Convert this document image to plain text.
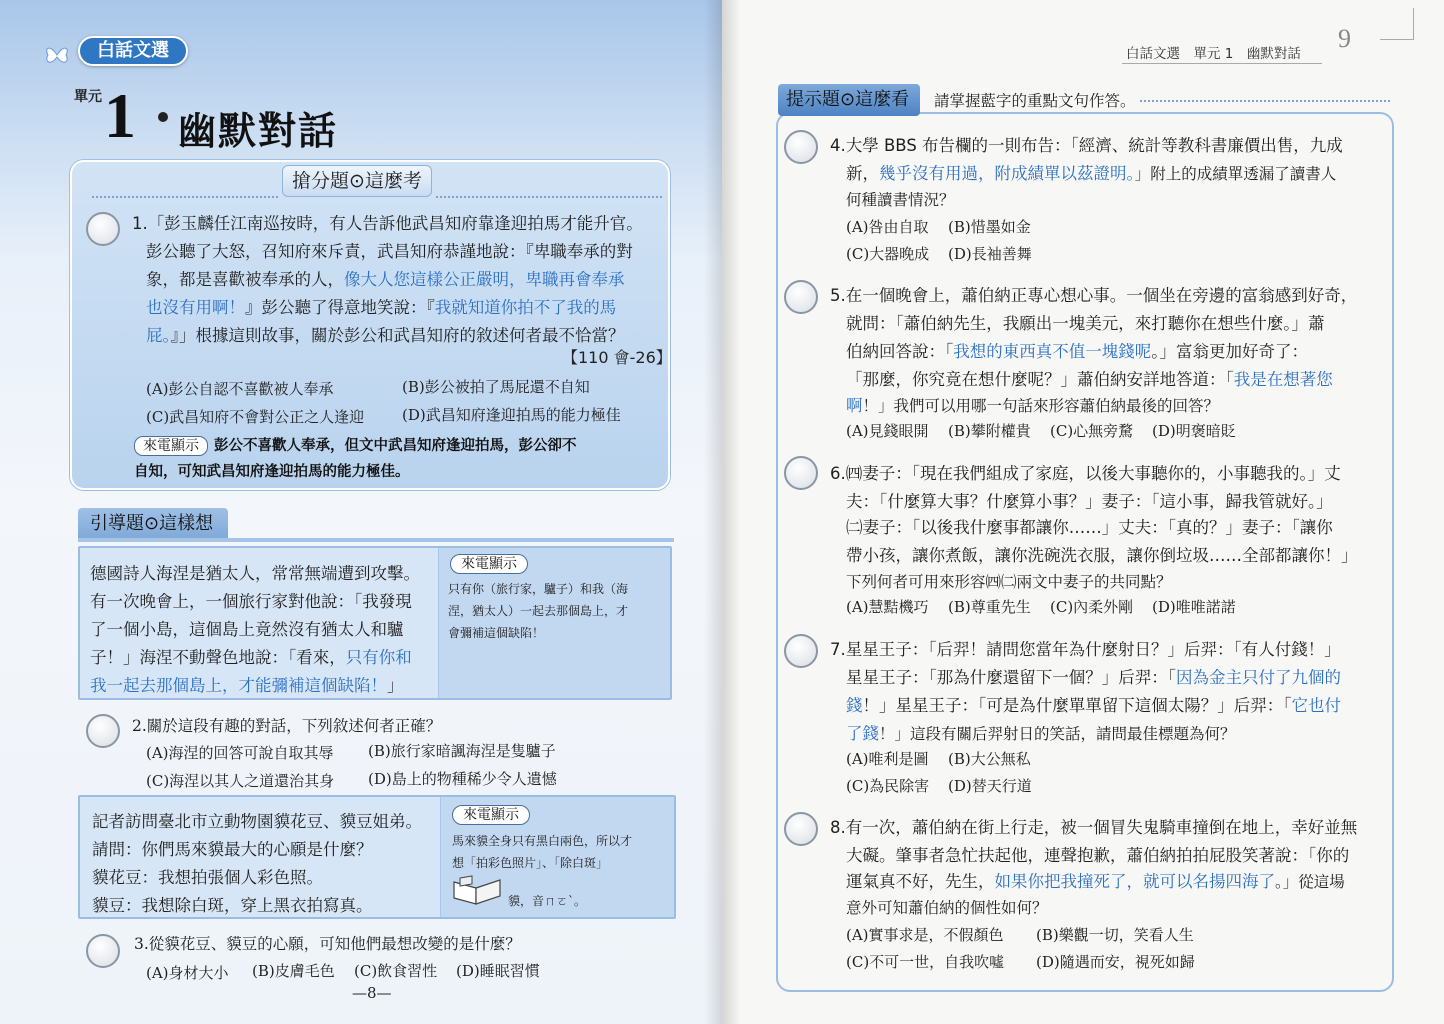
白話文選
單元 1 幽默對話
搶分題⊙這麼考
1.「彭玉麟任江南巡按時，有人告訴他武昌知府靠逢迎拍馬才能升官。
彭公聽了大怒，召知府來斥責，武昌知府恭謹地說：『卑職奉承的對
象，都是喜歡被奉承的人，像大人您這樣公正嚴明，卑職再會奉承
也沒有用啊！』彭公聽了得意地笑說：『我就知道你拍不了我的馬
屁。』」根據這則故事，關於彭公和武昌知府的敘述何者最不恰當？
【110 會-26】
(A)彭公自認不喜歡被人奉承	(B)彭公被拍了馬屁還不自知
(C)武昌知府不會對公正之人逢迎	(D)武昌知府逢迎拍馬的能力極佳
來電顯示 彭公不喜歡人奉承，但文中武昌知府逢迎拍馬，彭公卻不
自知，可知武昌知府逢迎拍馬的能力極佳。
引導題⊙這樣想
德國詩人海涅是猶太人，常常無端遭到攻擊。
有一次晚會上，一個旅行家對他說：「我發現
了一個小島，這個島上竟然沒有猶太人和驢
子！」海涅不動聲色地說：「看來，只有你和
我一起去那個島上，才能彌補這個缺陷！」
來電顯示
只有你（旅行家，驢子）和我（海
涅，猶太人）一起去那個島上，才
會彌補這個缺陷！
2.關於這段有趣的對話，下列敘述何者正確？
(A)海涅的回答可說自取其辱 (B)旅行家暗諷海涅是隻驢子
(C)海涅以其人之道還治其身 (D)島上的物種稀少令人遺憾
記者訪問臺北市立動物園貘花豆、貘豆姐弟。
請問：你們馬來貘最大的心願是什麼？
貘花豆：我想拍張個人彩色照。
貘豆：我想除白斑，穿上黑衣拍寫真。
來電顯示
馬來貘全身只有黑白兩色，所以才
想「拍彩色照片」、「除白斑」
貘，音ㄇㄛˋ。
3.從貘花豆、貘豆的心願，可知他們最想改變的是什麼？
(A)身材大小 (B)皮膚毛色 (C)飲食習性 (D)睡眠習慣
—8—
9
白話文選　單元 1　幽默對話
提示題⊙這麼看	請掌握藍字的重點文句作答。
4.大學 BBS 布告欄的一則布告：「經濟、統計等教科書廉價出售，九成
新，幾乎沒有用過，附成績單以茲證明。」附上的成績單透漏了讀書人
何種讀書情況？
(A)咎由自取 (B)惜墨如金
(C)大器晚成 (D)長袖善舞
5.在一個晚會上，蕭伯納正專心想心事。一個坐在旁邊的富翁感到好奇，
就問：「蕭伯納先生，我願出一塊美元，來打聽你在想些什麼。」蕭
伯納回答說：「我想的東西真不值一塊錢呢。」富翁更加好奇了：
「那麼，你究竟在想什麼呢？」蕭伯納安詳地答道：「我是在想著您
啊！」我們可以用哪一句話來形容蕭伯納最後的回答？
(A)見錢眼開 (B)攀附權貴 (C)心無旁騖 (D)明褒暗貶
6.㈣妻子：「現在我們組成了家庭，以後大事聽你的，小事聽我的。」丈
夫：「什麼算大事？什麼算小事？」妻子：「這小事，歸我管就好。」
㈡妻子：「以後我什麼事都讓你……」丈夫：「真的？」妻子：「讓你
帶小孩，讓你煮飯，讓你洗碗洗衣服，讓你倒垃圾……全部都讓你！」
下列何者可用來形容㈣㈡兩文中妻子的共同點？
(A)慧黠機巧 (B)尊重先生 (C)內柔外剛 (D)唯唯諾諾
7.星星王子：「后羿！請問您當年為什麼射日？」后羿：「有人付錢！」
星星王子：「那為什麼還留下一個？」后羿：「因為金主只付了九個的
錢！」星星王子：「可是為什麼單單留下這個太陽？」后羿：「它也付
了錢！」這段有關后羿射日的笑話，請問最佳標題為何？
(A)唯利是圖 (B)大公無私
(C)為民除害 (D)替天行道
8.有一次，蕭伯納在街上行走，被一個冒失鬼騎車撞倒在地上，幸好並無
大礙。肇事者急忙扶起他，連聲抱歉，蕭伯納拍拍屁股笑著說：「你的
運氣真不好，先生，如果你把我撞死了，就可以名揚四海了。」從這場
意外可知蕭伯納的個性如何？
(A)實事求是，不假顏色 (B)樂觀一切，笑看人生
(C)不可一世，自我吹噓 (D)隨遇而安，視死如歸
